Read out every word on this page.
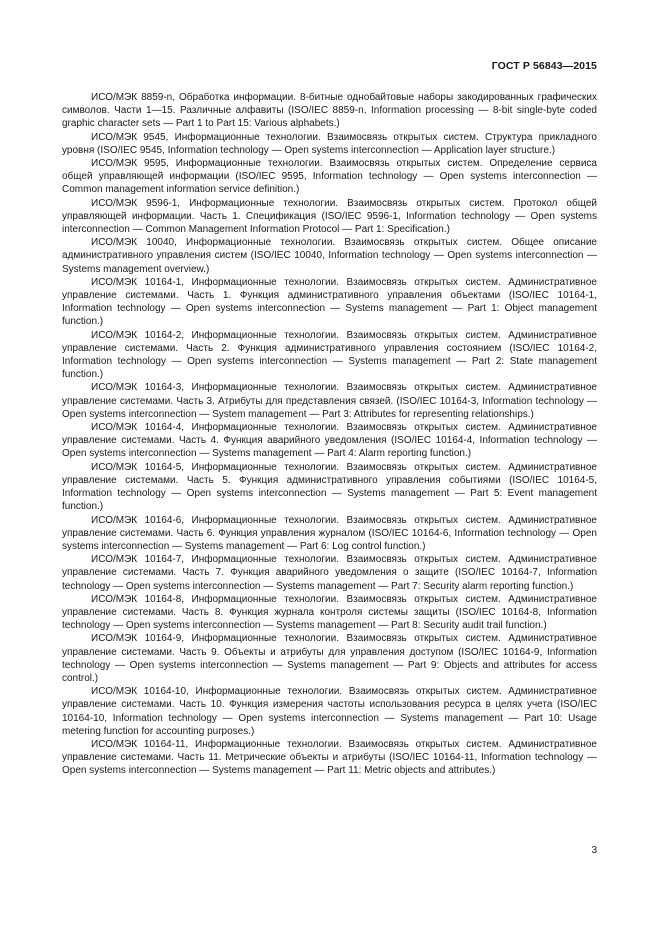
ГОСТ Р 56843—2015

ИСО/МЭК 8859-n, Обработка информации. 8-битные однобайтовые наборы закодированных графических символов. Части 1—15. Различные алфавиты (ISO/IEC 8859-n, Information processing — 8-bit single-byte coded graphic character sets — Part 1 to Part 15: Various alphabets.)

ИСО/МЭК 9545, Информационные технологии. Взаимосвязь открытых систем. Структура прикладного уровня (ISO/IEC 9545, Information technology — Open systems interconnection — Application layer structure.)

ИСО/МЭК 9595, Информационные технологии. Взаимосвязь открытых систем. Определение сервиса общей управляющей информации (ISO/IEC 9595, Information technology — Open systems interconnection — Common management information service definition.)

ИСО/МЭК 9596-1, Информационные технологии. Взаимосвязь открытых систем. Протокол общей управляющей информации. Часть 1. Спецификация (ISO/IEC 9596-1, Information technology — Open systems interconnection — Common Management Information Protocol — Part 1: Specification.)

ИСО/МЭК 10040, Информационные технологии. Взаимосвязь открытых систем. Общее описание административного управления систем (ISO/IEC 10040, Information technology — Open systems interconnection — Systems management overview.)

ИСО/МЭК 10164-1, Информационные технологии. Взаимосвязь открытых систем. Административное управление системами. Часть 1. Функция административного управления объектами (ISO/IEC 10164-1, Information technology — Open systems interconnection — Systems management — Part 1: Object management function.)

ИСО/МЭК 10164-2, Информационные технологии. Взаимосвязь открытых систем. Административное управление системами. Часть 2. Функция административного управления состоянием (ISO/IEC 10164-2, Information technology — Open systems interconnection — Systems management — Part 2: State management function.)

ИСО/МЭК 10164-3, Информационные технологии. Взаимосвязь открытых систем. Административное управление системами. Часть 3. Атрибуты для представления связей. (ISO/IEC 10164-3, Information technology — Open systems interconnection — System management — Part 3: Attributes for representing relationships.)

ИСО/МЭК 10164-4, Информационные технологии. Взаимосвязь открытых систем. Административное управление системами. Часть 4. Функция аварийного уведомления (ISO/IEC 10164-4, Information technology — Open systems interconnection — Systems management — Part 4: Alarm reporting function.)

ИСО/МЭК 10164-5, Информационные технологии. Взаимосвязь открытых систем. Административное управление системами. Часть 5. Функция административного управления событиями (ISO/IEC 10164-5, Information technology — Open systems interconnection — Systems management — Part 5: Event management function.)

ИСО/МЭК 10164-6, Информационные технологии. Взаимосвязь открытых систем. Административное управление системами. Часть 6. Функция управления журналом (ISO/IEC 10164-6, Information technology — Open systems interconnection — Systems management — Part 6: Log control function.)

ИСО/МЭК 10164-7, Информационные технологии. Взаимосвязь открытых систем. Административное управление системами. Часть 7. Функция аварийного уведомления о защите (ISO/IEC 10164-7, Information technology — Open systems interconnection — Systems management — Part 7: Security alarm reporting function.)

ИСО/МЭК 10164-8, Информационные технологии. Взаимосвязь открытых систем. Административное управление системами. Часть 8. Функция журнала контроля системы защиты (ISO/IEC 10164-8, Information technology — Open systems interconnection — Systems management — Part 8: Security audit trail function.)

ИСО/МЭК 10164-9, Информационные технологии. Взаимосвязь открытых систем. Административное управление системами. Часть 9. Объекты и атрибуты для управления доступом (ISO/IEC 10164-9, Information technology — Open systems interconnection — Systems management — Part 9: Objects and attributes for access control.)

ИСО/МЭК 10164-10, Информационные технологии. Взаимосвязь открытых систем. Административное управление системами. Часть 10. Функция измерения частоты использования ресурса в целях учета (ISO/IEC 10164-10, Information technology — Open systems interconnection — Systems management — Part 10: Usage metering function for accounting purposes.)

ИСО/МЭК 10164-11, Информационные технологии. Взаимосвязь открытых систем. Административное управление системами. Часть 11. Метрические объекты и атрибуты (ISO/IEC 10164-11, Information technology — Open systems interconnection — Systems management — Part 11: Metric objects and attributes.)

3
